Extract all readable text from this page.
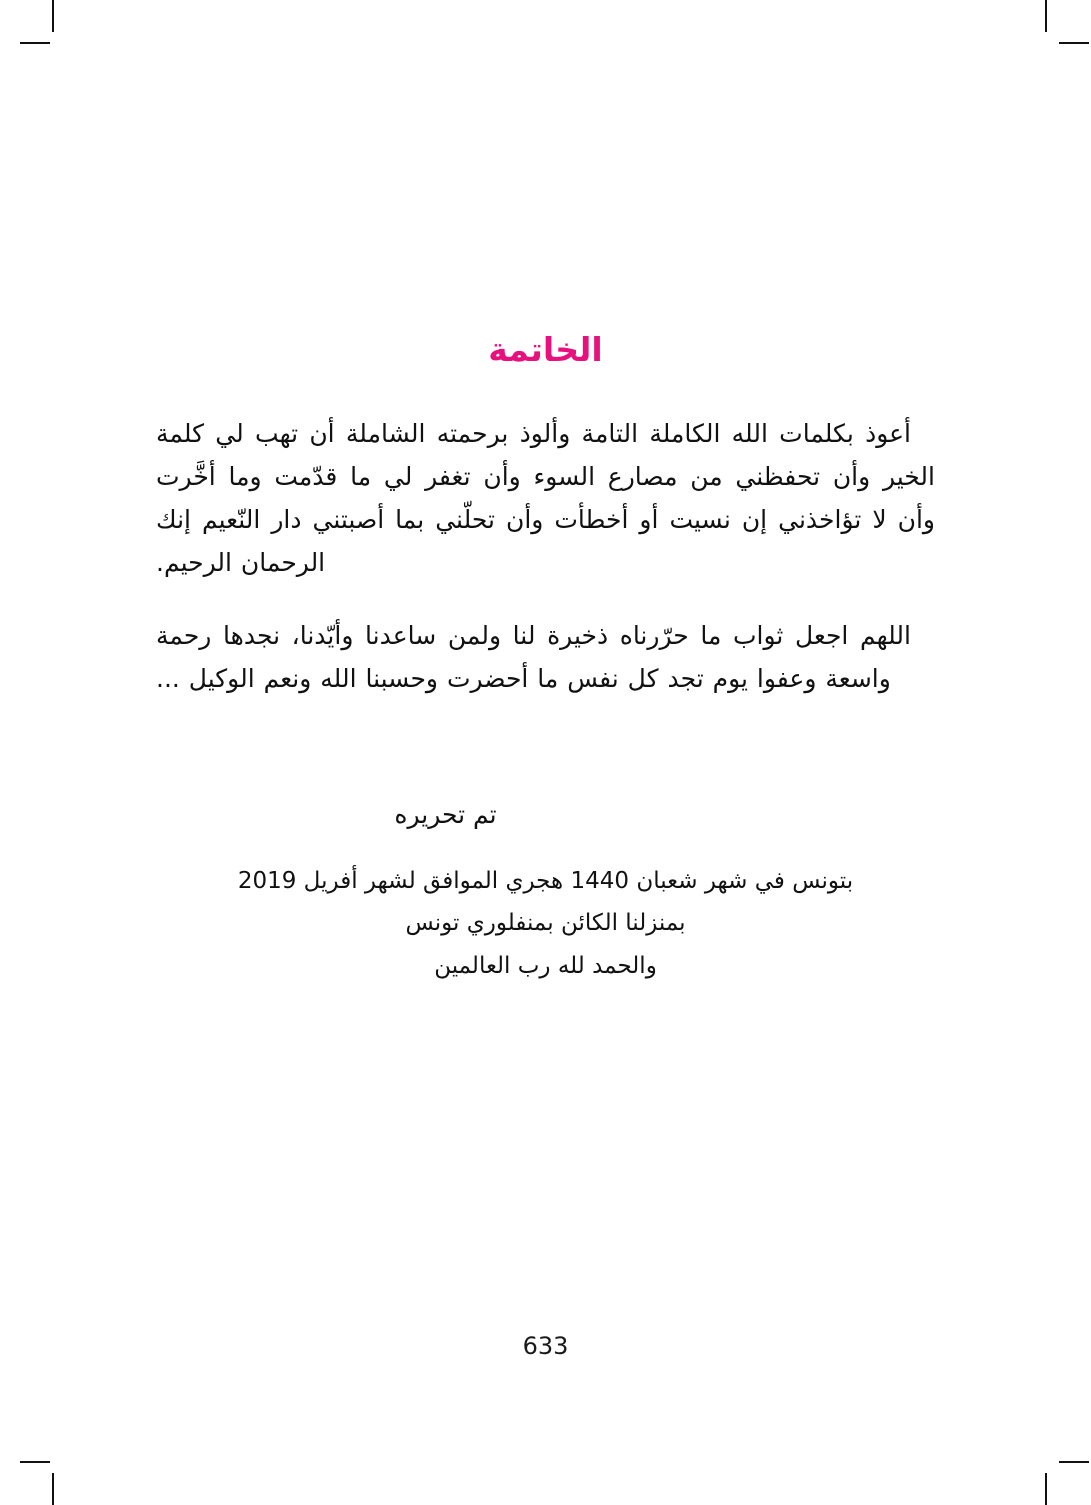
الخاتمة

أعوذ بكلمات الله الكاملة التامة وألوذ برحمته الشاملة أن تهب لي كلمة الخير وأن تحفظني من مصارع السوء وأن تغفر لي ما قدّمت وما أخَّرت وأن لا تؤاخذني إن نسيت أو أخطأت وأن تحلّني بما أصبتني دار النّعيم إنك الرحمان الرحيم.

اللهم اجعل ثواب ما حرّرناه ذخيرة لنا ولمن ساعدنا وأيّدنا، نجدها رحمة واسعة وعفوا يوم تجد كل نفس ما أحضرت وحسبنا الله ونعم الوكيل ...

تم تحريره

بتونس في شهر شعبان 1440 هجري الموافق لشهر أفريل 2019

بمنزلنا الكائن بمنفلوري تونس

والحمد لله رب العالمين

633
